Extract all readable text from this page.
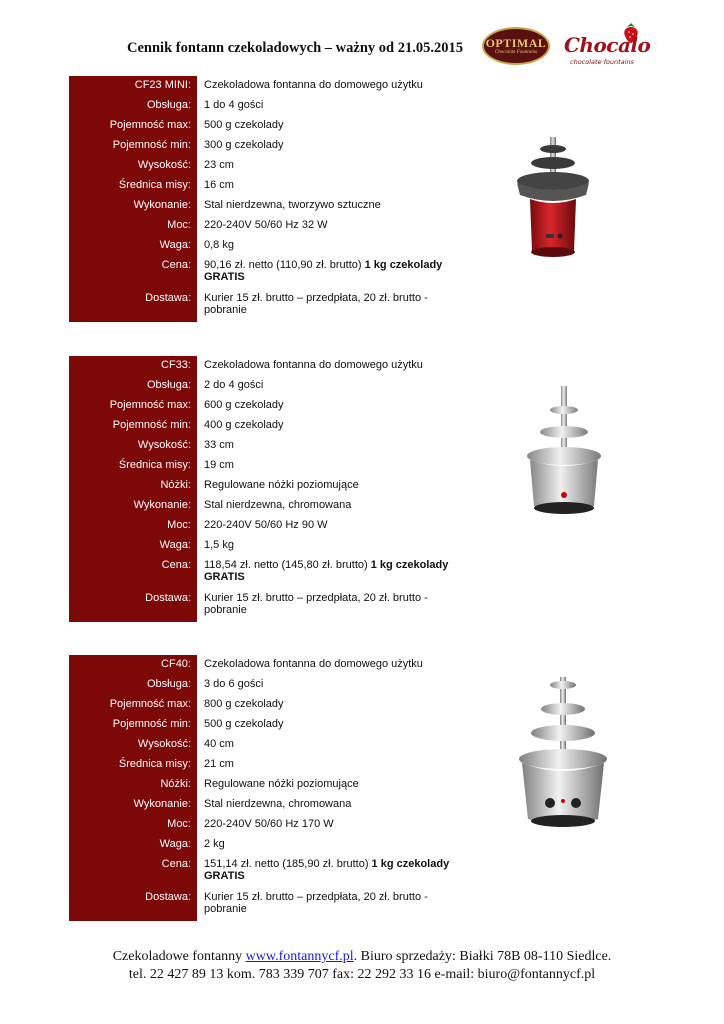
Cennik fontann czekoladowych – ważny od 21.05.2015	OPTIMAL
Chocolate Fountains Chocalo
chocolate fountains
CF23 MINI:	Czekoladowa fontanna do domowego użytku
Obsługa:	1 do 4 gości
Pojemność max:	500 g czekolady
Pojemność min:	300 g czekolady
Wysokość:	23 cm
Średnica misy:	16 cm
Wykonanie:	Stal nierdzewna, tworzywo sztuczne
Moc:	220-240V 50/60 Hz 32 W
Waga:	0,8 kg
Cena:	90,16 zł. netto (110,90 zł. brutto) 1 kg czekolady GRATIS
Dostawa:	Kurier 15 zł. brutto – przedpłata, 20 zł. brutto - pobranie
CF33:	Czekoladowa fontanna do domowego użytku
Obsługa:	2 do 4 gości
Pojemność max:	600 g czekolady
Pojemność min:	400 g czekolady
Wysokość:	33 cm
Średnica misy:	19 cm
Nóżki:	Regulowane nóżki poziomujące
Wykonanie:	Stal nierdzewna, chromowana
Moc:	220-240V 50/60 Hz 90 W
Waga:	1,5 kg
Cena:	118,54 zł. netto (145,80 zł. brutto) 1 kg czekolady GRATIS
Dostawa:	Kurier 15 zł. brutto – przedpłata, 20 zł. brutto - pobranie
CF40:	Czekoladowa fontanna do domowego użytku
Obsługa:	3 do 6 gości
Pojemność max:	800 g czekolady
Pojemność min:	500 g czekolady
Wysokość:	40 cm
Średnica misy:	21 cm
Nóżki:	Regulowane nóżki poziomujące
Wykonanie:	Stal nierdzewna, chromowana
Moc:	220-240V 50/60 Hz 170 W
Waga:	2 kg
Cena:	151,14 zł. netto (185,90 zł. brutto) 1 kg czekolady GRATIS
Dostawa:	Kurier 15 zł. brutto – przedpłata, 20 zł. brutto - pobranie
Czekoladowe fontanny www.fontannycf.pl. Biuro sprzedaży: Białki 78B 08-110 Siedlce.
tel. 22 427 89 13 kom. 783 339 707 fax: 22 292 33 16 e-mail: biuro@fontannycf.pl
